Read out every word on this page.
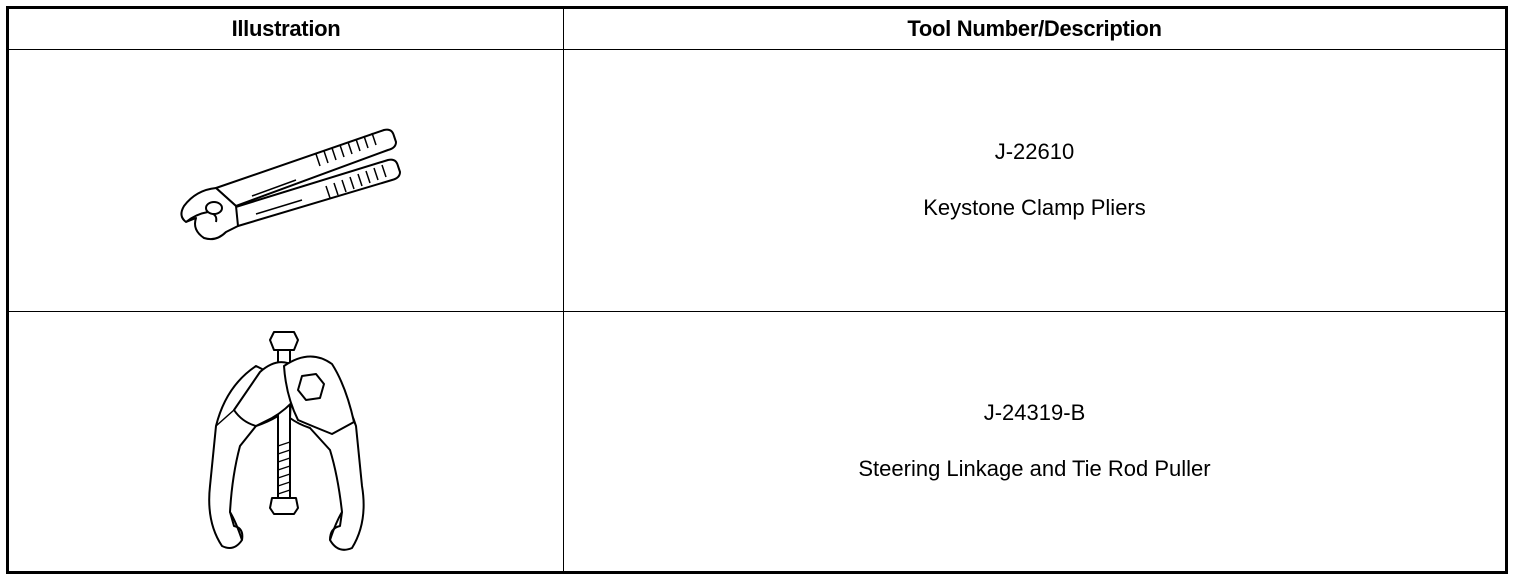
Illustration	Tool Number/Description

J-22610
Keystone Clamp Pliers

J-24319-B
Steering Linkage and Tie Rod Puller
